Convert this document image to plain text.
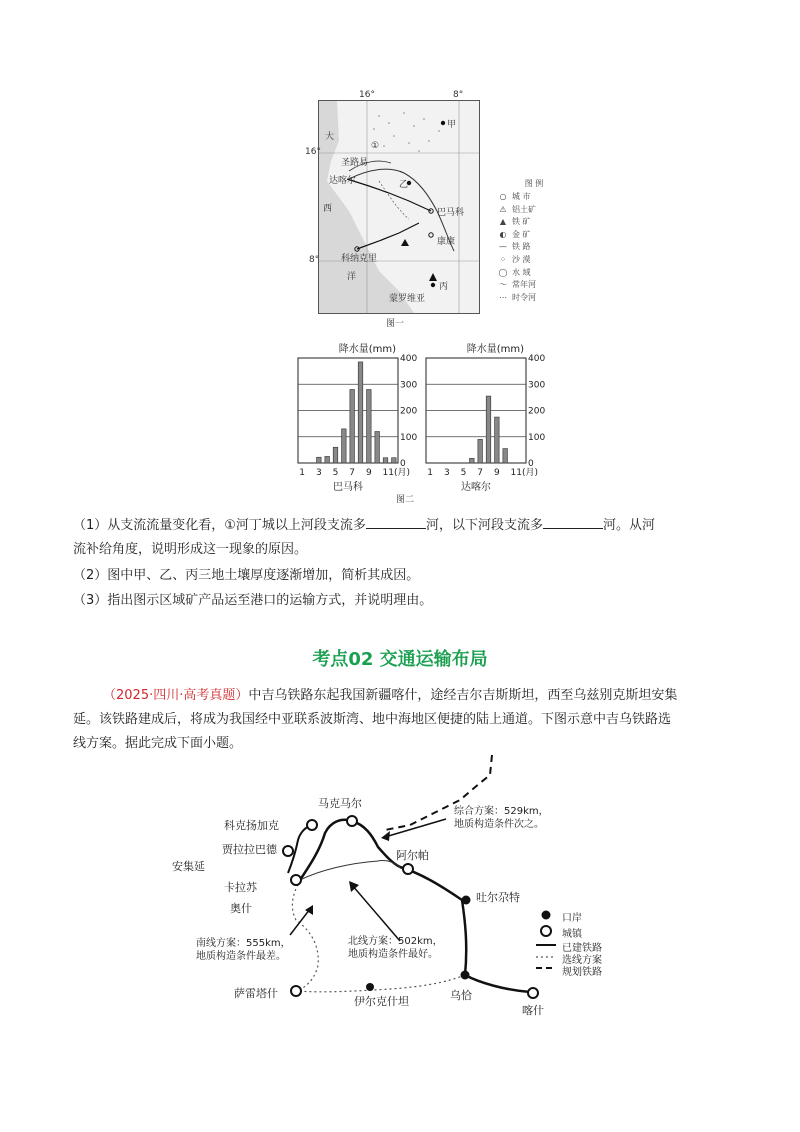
16°	8°
16°
8°
大
西
洋
甲
圣路易
①
达喀尔	乙
巴马科
康康
科纳克里
丙
蒙罗维亚
图一
图 例
○ 城 市
⚠ 铝土矿
▲ 铁 矿
◐ 金 矿
— 铁 路
⁘ 沙 漠
◯ 水 域
〜 常年河
⋯ 时令河
0
100
200
300
400
降水量(mm)
1 3 5 7 9 11(月)
巴马科
0
100
200
300
400
降水量(mm)
1 3 5 7 9 11(月)
达喀尔
图二
（1）从支流流量变化看，①河丁城以上河段支流多	河，以下河段支流多	河。从河
流补给角度，说明形成这一现象的原因。
（2）图中甲、乙、丙三地土壤厚度逐渐增加，简析其成因。
（3）指出图示区域矿产品运至港口的运输方式，并说明理由。
考点02 交通运输布局
（2025·四川·高考真题）中吉乌铁路东起我国新疆喀什，途经吉尔吉斯斯坦，西至乌兹别克斯坦安集
延。该铁路建成后，将成为我国经中亚联系波斯湾、地中海地区便捷的陆上通道。下图示意中吉乌铁路选
线方案。据此完成下面小题。
马克马尔
科克扬加克
贾拉拉巴德
安集延
卡拉苏
奥什
阿尔帕
吐尔尕特
萨雷塔什
伊尔克什坦	乌恰
喀什
综合方案：529km，
地质构造条件次之。
北线方案：502km，
地质构造条件最好。
南线方案：555km，
地质构造条件最差。
口岸
城镇
已建铁路
选线方案
规划铁路
